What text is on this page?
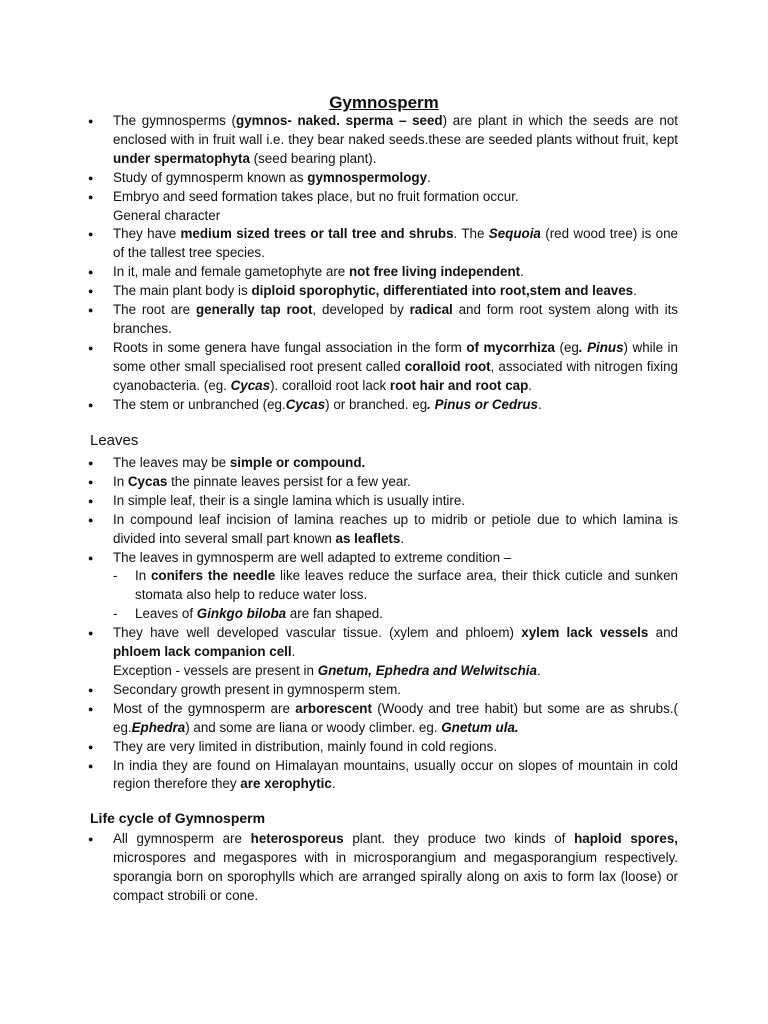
Gymnosperm
● The gymnosperms (gymnos- naked. sperma – seed) are plant in which the seeds are not enclosed with in fruit wall i.e. they bear naked seeds.these are seeded plants without fruit, kept under spermatophyta (seed bearing plant).
● Study of gymnosperm known as gymnospermology.
● Embryo and seed formation takes place, but no fruit formation occur.
General character
● They have medium sized trees or tall tree and shrubs. The Sequoia (red wood tree) is one of the tallest tree species.
● In it, male and female gametophyte are not free living independent.
● The main plant body is diploid sporophytic, differentiated into root,stem and leaves.
● The root are generally tap root, developed by radical and form root system along with its branches.
● Roots in some genera have fungal association in the form of mycorrhiza (eg. Pinus) while in some other small specialised root present called coralloid root, associated with nitrogen fixing cyanobacteria. (eg. Cycas). coralloid root lack root hair and root cap.
● The stem or unbranched (eg.Cycas) or branched. eg. Pinus or Cedrus.
Leaves
● The leaves may be simple or compound.
● In Cycas the pinnate leaves persist for a few year.
● In simple leaf, their is a single lamina which is usually intire.
● In compound leaf incision of lamina reaches up to midrib or petiole due to which lamina is divided into several small part known as leaflets.
● The leaves in gymnosperm are well adapted to extreme condition –
- In conifers the needle like leaves reduce the surface area, their thick cuticle and sunken stomata also help to reduce water loss.
- Leaves of Ginkgo biloba are fan shaped.
● They have well developed vascular tissue. (xylem and phloem) xylem lack vessels and phloem lack companion cell.
Exception - vessels are present in Gnetum, Ephedra and Welwitschia.
● Secondary growth present in gymnosperm stem.
● Most of the gymnosperm are arborescent (Woody and tree habit) but some are as shrubs.( eg.Ephedra) and some are liana or woody climber. eg. Gnetum ula.
● They are very limited in distribution, mainly found in cold regions.
● In india they are found on Himalayan mountains, usually occur on slopes of mountain in cold region therefore they are xerophytic.
Life cycle of Gymnosperm
● All gymnosperm are heterosporeus plant. they produce two kinds of haploid spores, microspores and megaspores with in microsporangium and megasporangium respectively. sporangia born on sporophylls which are arranged spirally along on axis to form lax (loose) or compact strobili or cone.
